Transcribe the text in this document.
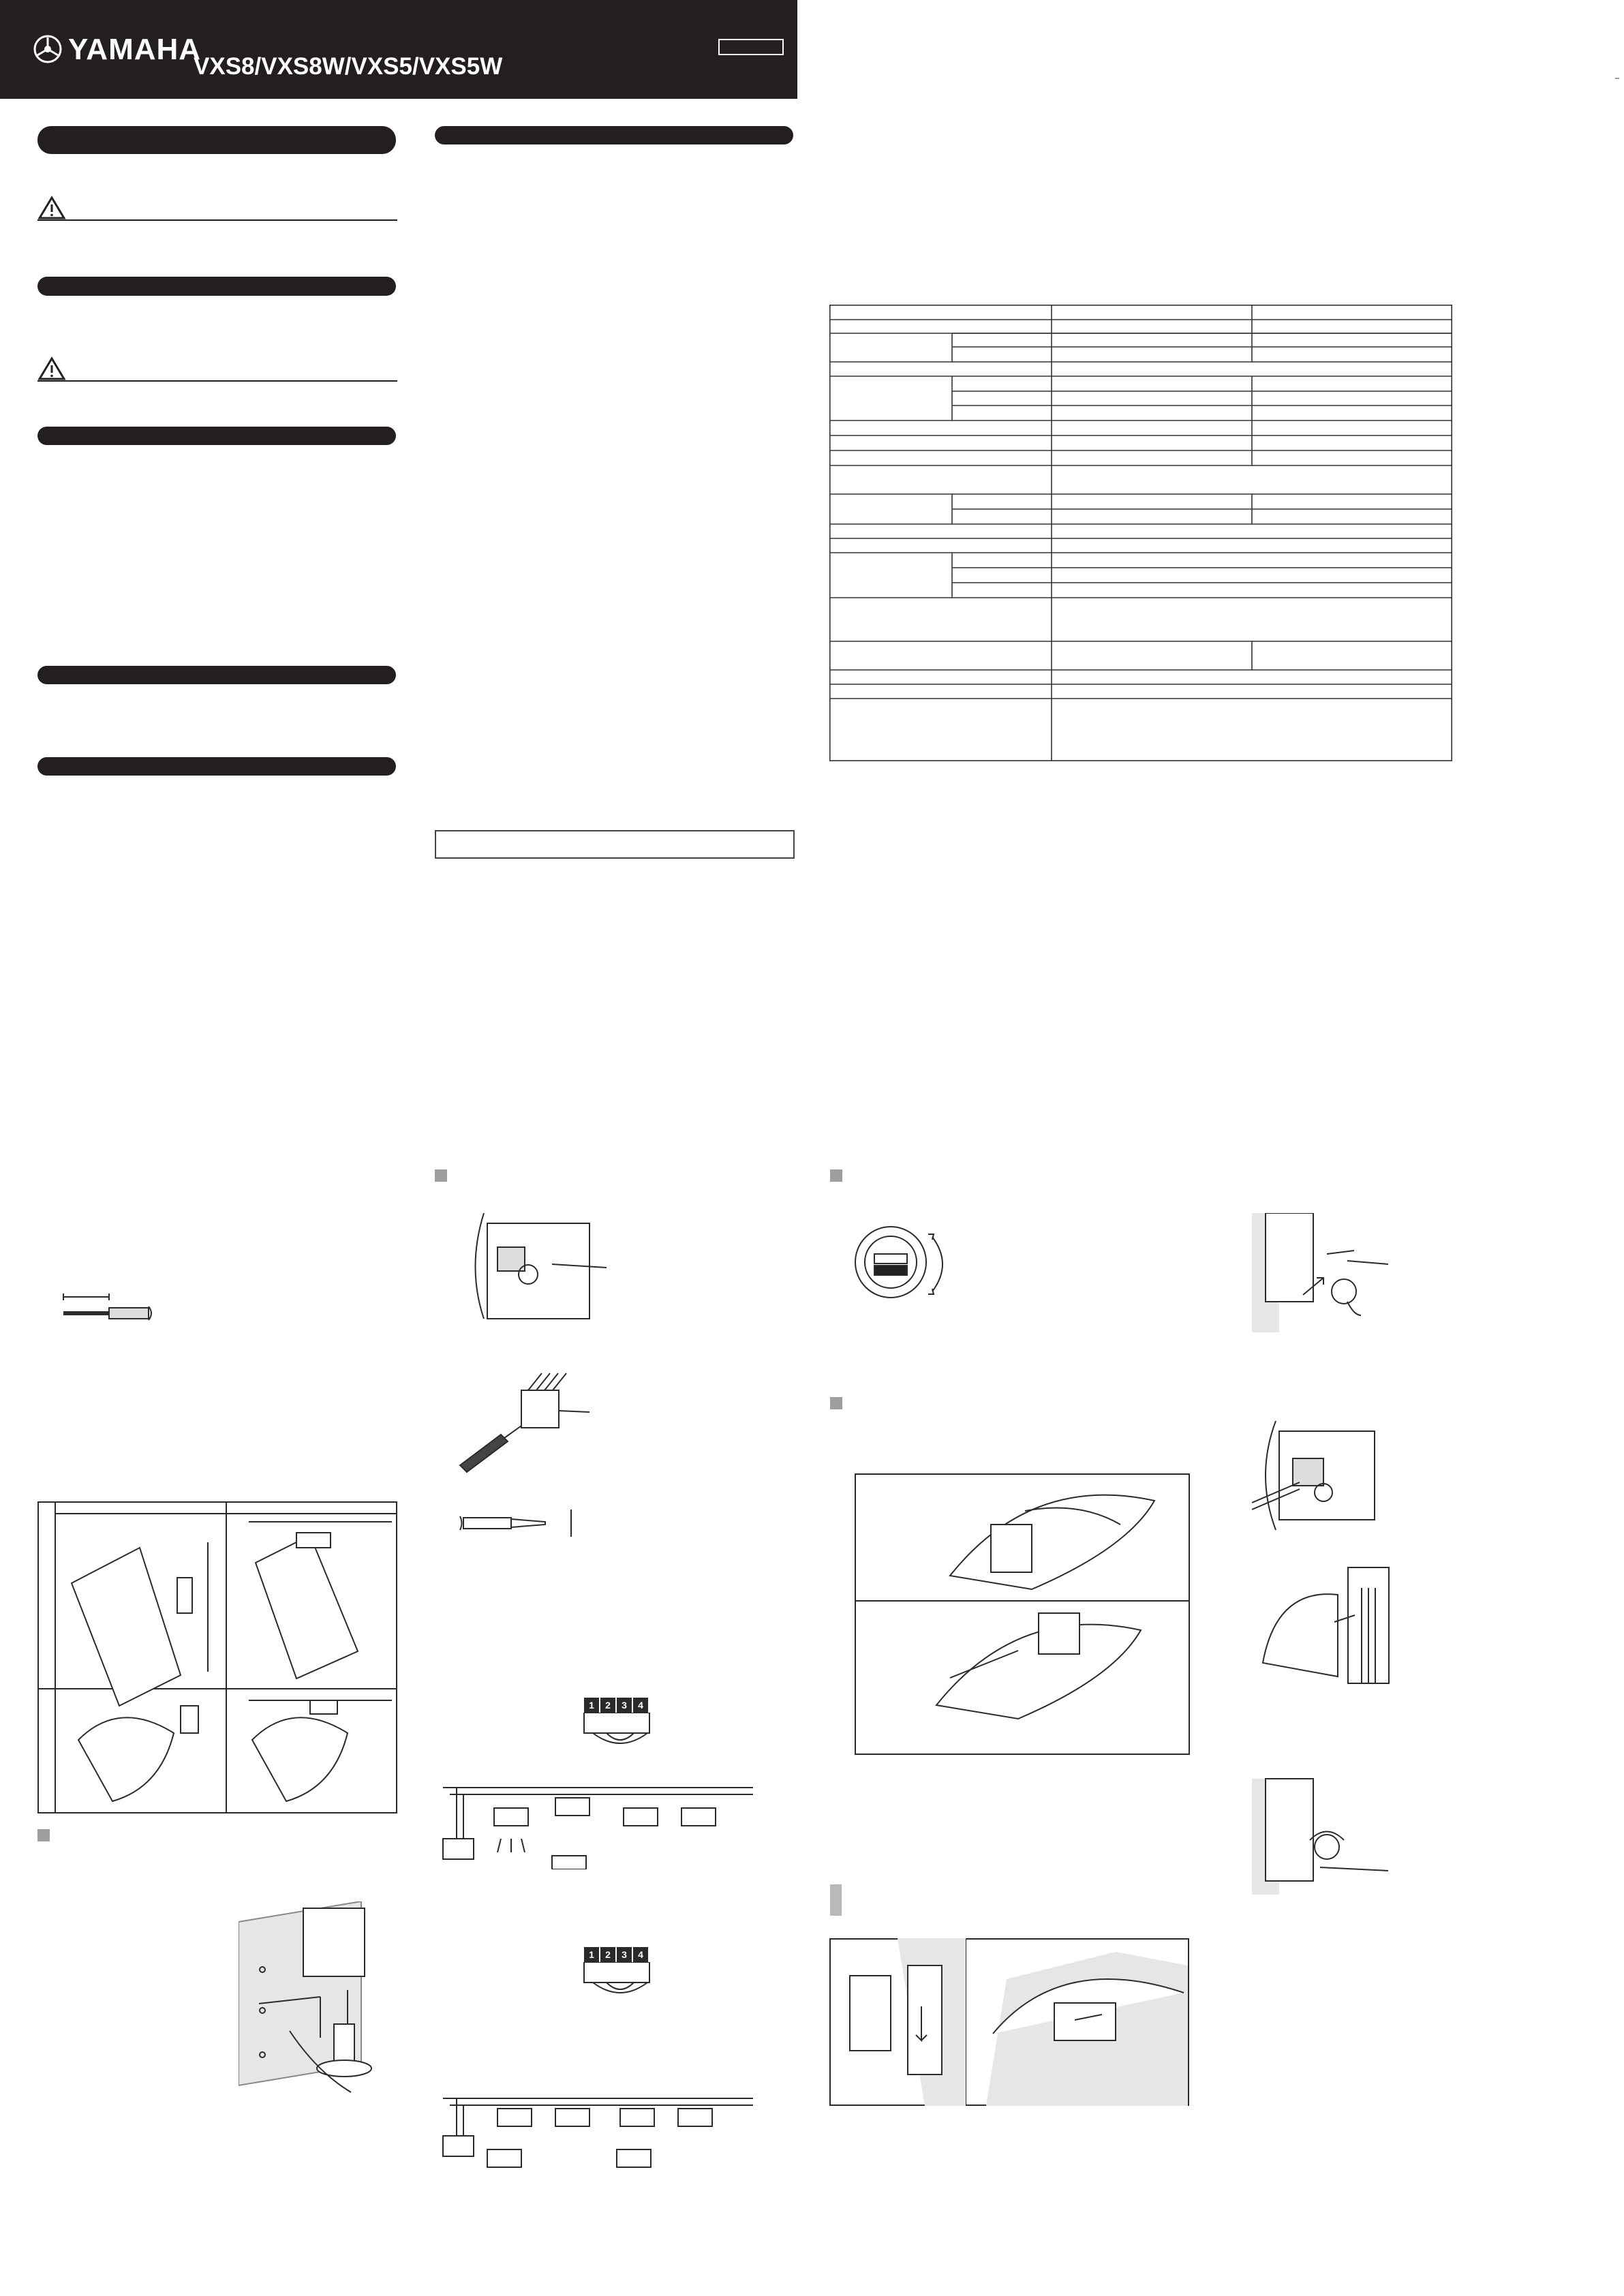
YAMAHA
VXS8/VXS8W/VXS5/VXS5W
1	2	3	4
1	2	3	4
